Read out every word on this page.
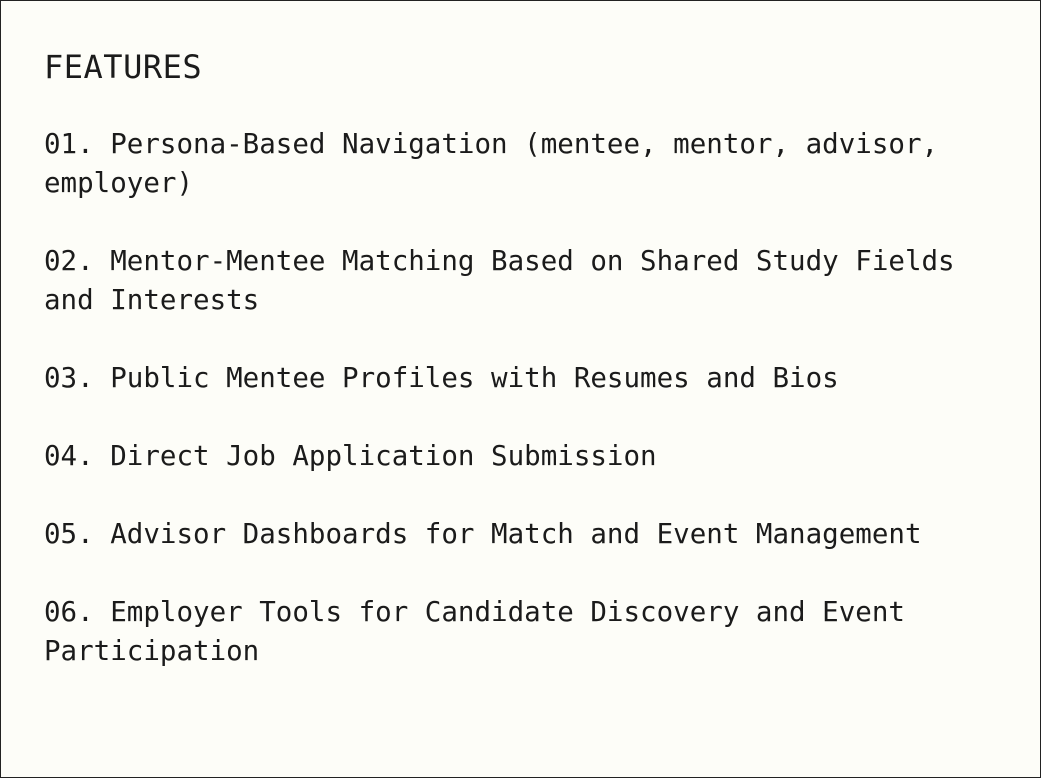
FEATURES
01. Persona-Based Navigation (mentee, mentor, advisor, employer)
02. Mentor-Mentee Matching Based on Shared Study Fields and Interests
03. Public Mentee Profiles with Resumes and Bios
04. Direct Job Application Submission
05. Advisor Dashboards for Match and Event Management
06. Employer Tools for Candidate Discovery and Event Participation
